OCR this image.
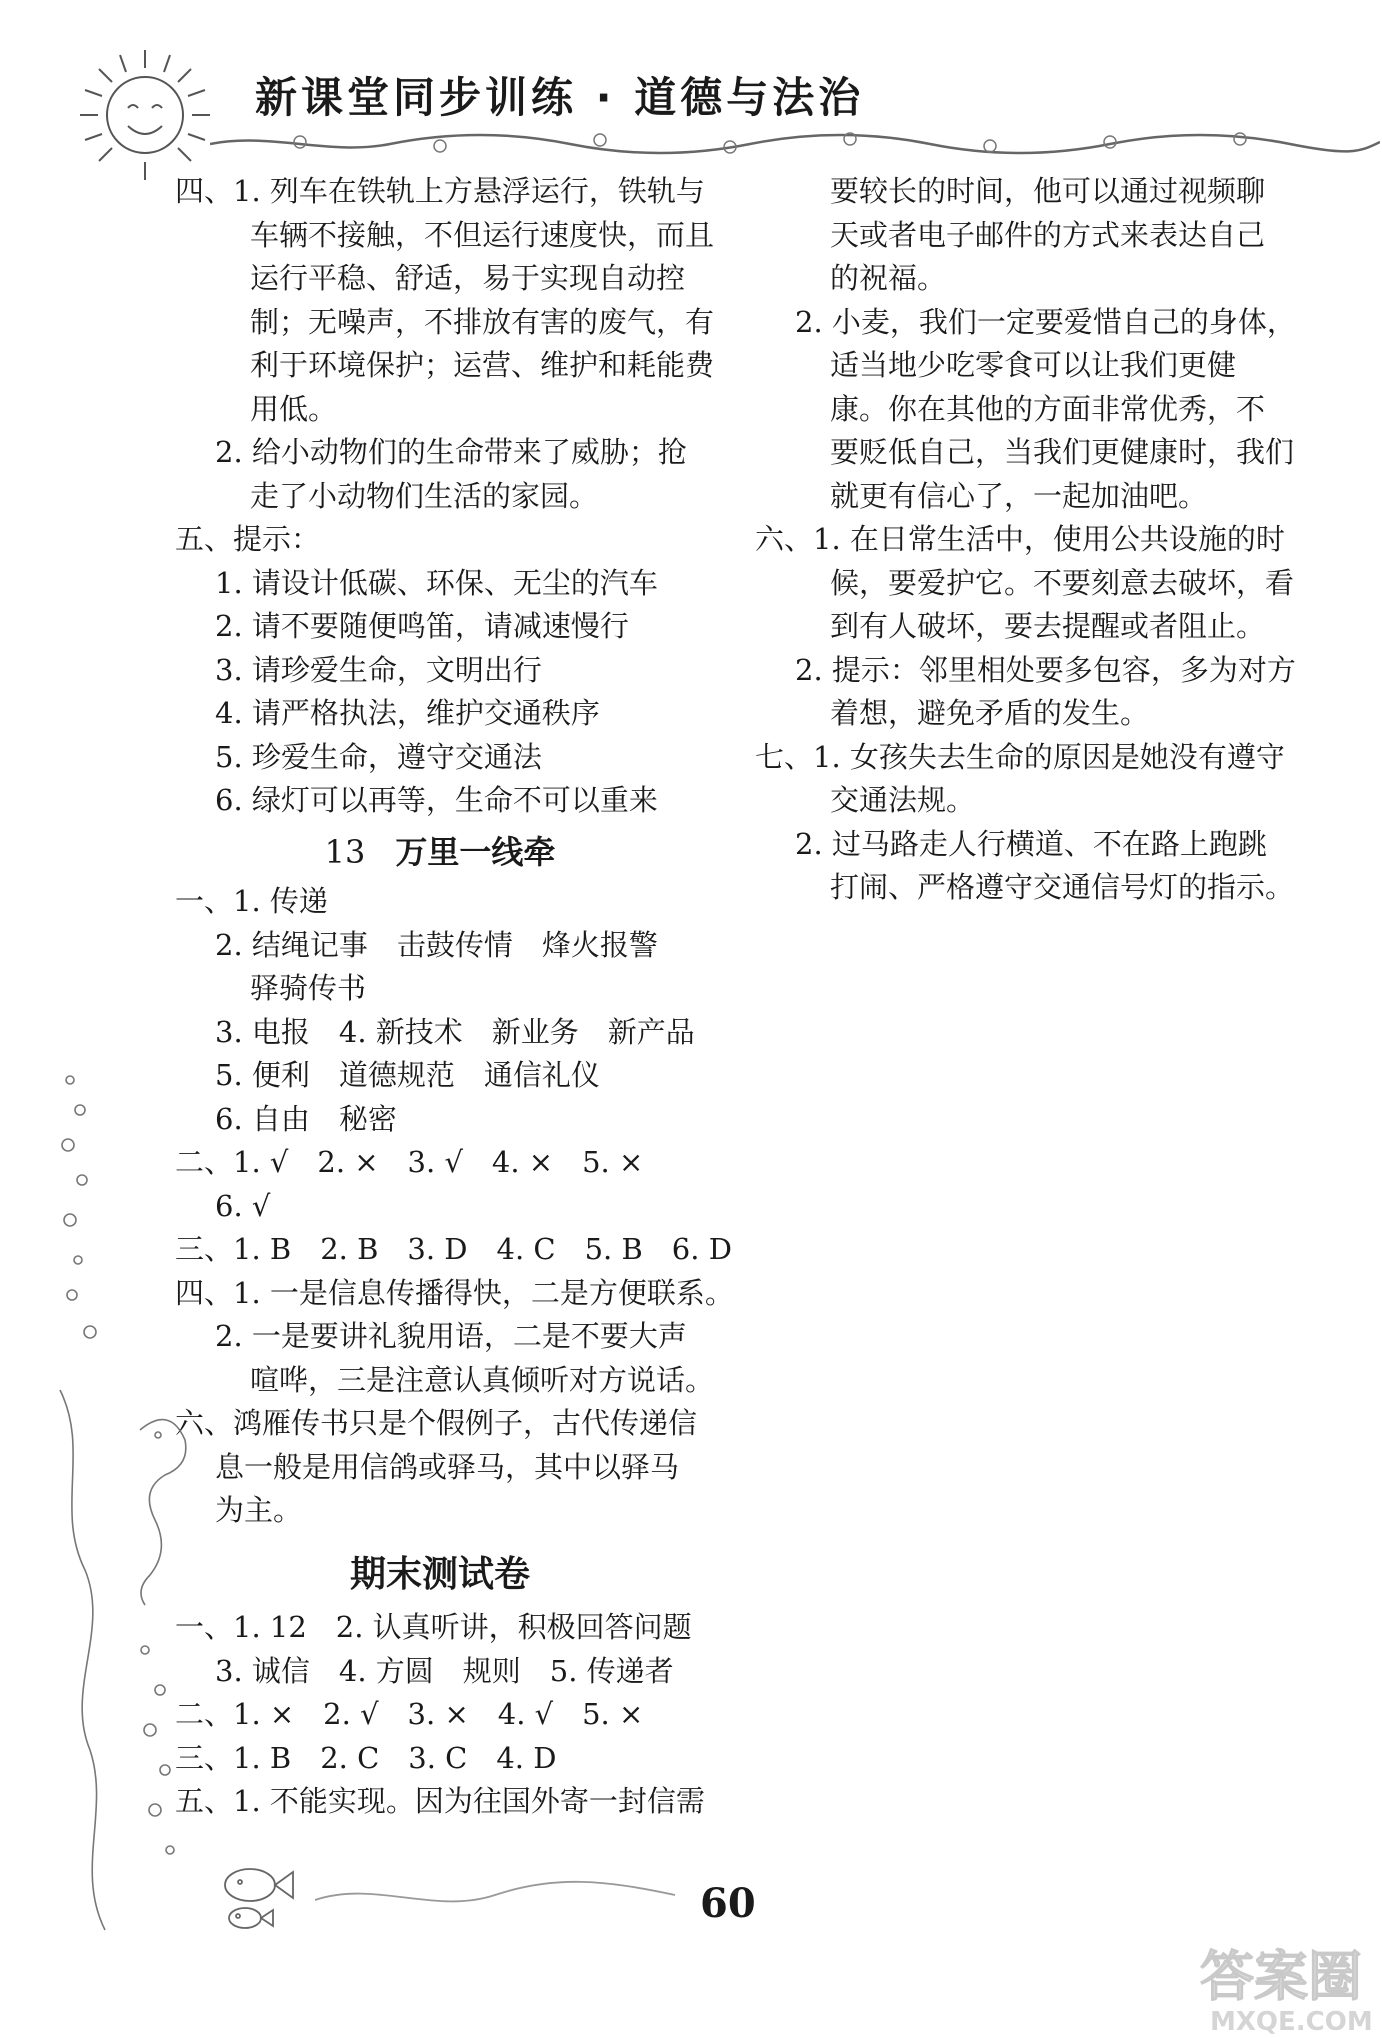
新课堂同步训练 · 道德与法治
四、1. 列车在铁轨上方悬浮运行，铁轨与
车辆不接触，不但运行速度快，而且
运行平稳、舒适，易于实现自动控
制；无噪声，不排放有害的废气，有
利于环境保护；运营、维护和耗能费
用低。
2. 给小动物们的生命带来了威胁；抢
走了小动物们生活的家园。
五、提示：
1. 请设计低碳、环保、无尘的汽车
2. 请不要随便鸣笛，请减速慢行
3. 请珍爱生命，文明出行
4. 请严格执法，维护交通秩序
5. 珍爱生命，遵守交通法
6. 绿灯可以再等，生命不可以重来
13 万里一线牵
一、1. 传递
2. 结绳记事　击鼓传情　烽火报警
驿骑传书
3. 电报　4. 新技术　新业务　新产品
5. 便利　道德规范　通信礼仪
6. 自由　秘密
二、1. √　2. ×　3. √　4. ×　5. ×
6. √
三、1. B　2. B　3. D　4. C　5. B　6. D
四、1. 一是信息传播得快，二是方便联系。
2. 一是要讲礼貌用语，二是不要大声
喧哗，三是注意认真倾听对方说话。
六、鸿雁传书只是个假例子，古代传递信
息一般是用信鸽或驿马，其中以驿马
为主。
期末测试卷
一、1. 12　2. 认真听讲，积极回答问题
3. 诚信　4. 方圆　规则　5. 传递者
二、1. ×　2. √　3. ×　4. √　5. ×
三、1. B　2. C　3. C　4. D
五、1. 不能实现。因为往国外寄一封信需
要较长的时间，他可以通过视频聊
天或者电子邮件的方式来表达自己
的祝福。
2. 小麦，我们一定要爱惜自己的身体，
适当地少吃零食可以让我们更健
康。你在其他的方面非常优秀，不
要贬低自己，当我们更健康时，我们
就更有信心了，一起加油吧。
六、1. 在日常生活中，使用公共设施的时
候，要爱护它。不要刻意去破坏，看
到有人破坏，要去提醒或者阻止。
2. 提示：邻里相处要多包容，多为对方
着想，避免矛盾的发生。
七、1. 女孩失去生命的原因是她没有遵守
交通法规。
2. 过马路走人行横道、不在路上跑跳
打闹、严格遵守交通信号灯的指示。
60
答案圈
MXQE.COM
